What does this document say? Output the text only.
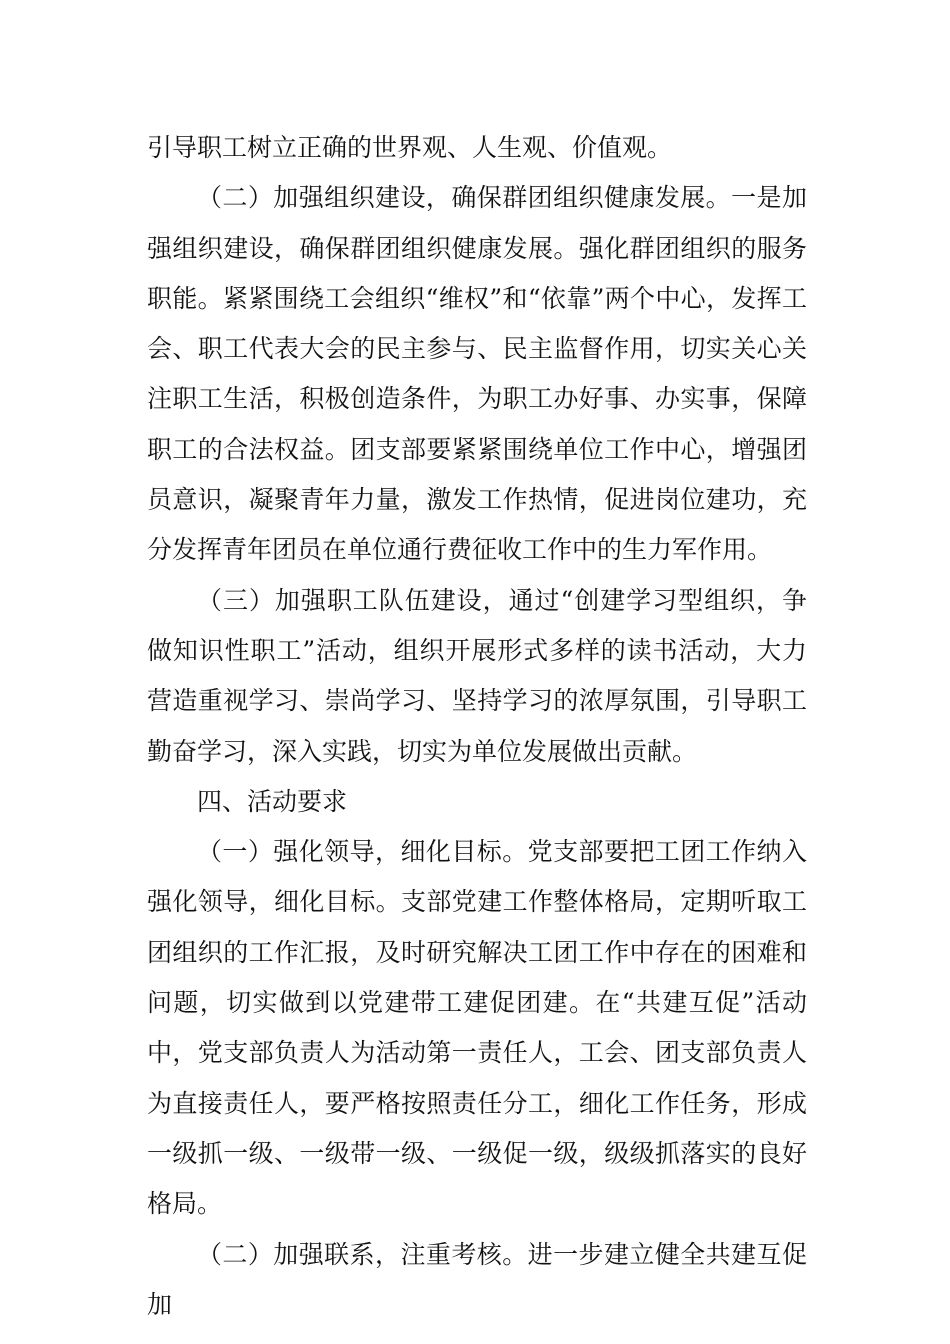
引导职工树立正确的世界观、人生观、价值观。

（二）加强组织建设，确保群团组织健康发展。一是加强组织建设，确保群团组织健康发展。强化群团组织的服务职能。紧紧围绕工会组织“维权”和“依靠”两个中心，发挥工会、职工代表大会的民主参与、民主监督作用，切实关心关注职工生活，积极创造条件，为职工办好事、办实事，保障职工的合法权益。团支部要紧紧围绕单位工作中心，增强团员意识，凝聚青年力量，激发工作热情，促进岗位建功，充分发挥青年团员在单位通行费征收工作中的生力军作用。

（三）加强职工队伍建设，通过“创建学习型组织，争做知识性职工”活动，组织开展形式多样的读书活动，大力营造重视学习、崇尚学习、坚持学习的浓厚氛围，引导职工勤奋学习，深入实践，切实为单位发展做出贡献。

四、活动要求

（一）强化领导，细化目标。党支部要把工团工作纳入强化领导，细化目标。支部党建工作整体格局，定期听取工团组织的工作汇报，及时研究解决工团工作中存在的困难和问题，切实做到以党建带工建促团建。在“共建互促”活动中，党支部负责人为活动第一责任人，工会、团支部负责人为直接责任人，要严格按照责任分工，细化工作任务，形成一级抓一级、一级带一级、一级促一级，级级抓落实的良好格局。

（二）加强联系，注重考核。进一步建立健全共建互促加
